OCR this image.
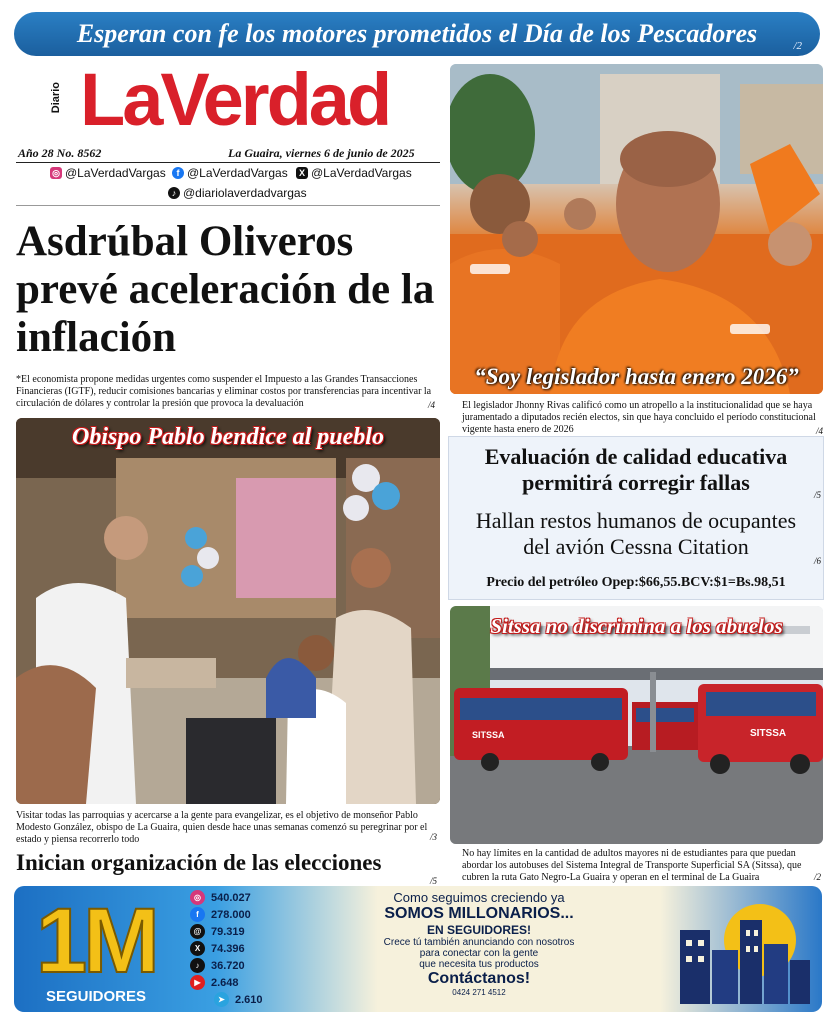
Esperan con fe los motores prometidos el Día de los Pescadores	/2
Diario LaVerdad
Año 28 No. 8562	La Guaira, viernes 6 de junio de 2025
◎ @LaVerdadVargas	f @LaVerdadVargas	X @LaVerdadVargas
♪ @diariolaverdadvargas
Asdrúbal Oliveros prevé aceleración de la inflación
*El economista propone medidas urgentes como suspender el Impuesto a las Grandes Transacciones Financieras (IGTF), reducir comisiones bancarias y eliminar costos por transferencias para incentivar la circulación de dólares y controlar la presión que provoca la devaluación	/4
“Soy legislador hasta enero 2026”
El legislador Jhonny Rivas calificó como un atropello a la institucionalidad que se haya juramentado a diputados recién electos, sin que haya concluido el período constitucional vigente hasta enero de 2026	/4
Obispo Pablo bendice al pueblo
Visitar todas las parroquias y acercarse a la gente para evangelizar, es el objetivo de monseñor Pablo Modesto González, obispo de La Guaira, quien desde hace unas semanas comenzó su peregrinar por el estado y piensa recorrerlo todo	/3
Evaluación de calidad educativa permitirá corregir fallas	/5
Hallan restos humanos de ocupantes del avión Cessna Citation
/6
Precio del petróleo Opep:$66,55.BCV:$1=Bs.98,51
SITSSA	SITSSA
Sitssa no discrimina a los abuelos
No hay límites en la cantidad de adultos mayores ni de estudiantes para que puedan abordar los autobuses del Sistema Integral de Transporte Superficial SA (Sitssa), que cubren la ruta Gato Negro-La Guaira y operan en el terminal de La Guaira	/2
Inician organización de las elecciones
/5
1M
SEGUIDORES
◎ 540.027
f	278.000
@ 79.319
X 74.396
♪	36.720
▶ 2.648
➤ 2.610
Como seguimos creciendo ya
SOMOS MILLONARIOS...
EN SEGUIDORES!
Crece tú también anunciando con nosotros
para conectar con la gente
que necesita tus productos
Contáctanos!
0424 271 4512
